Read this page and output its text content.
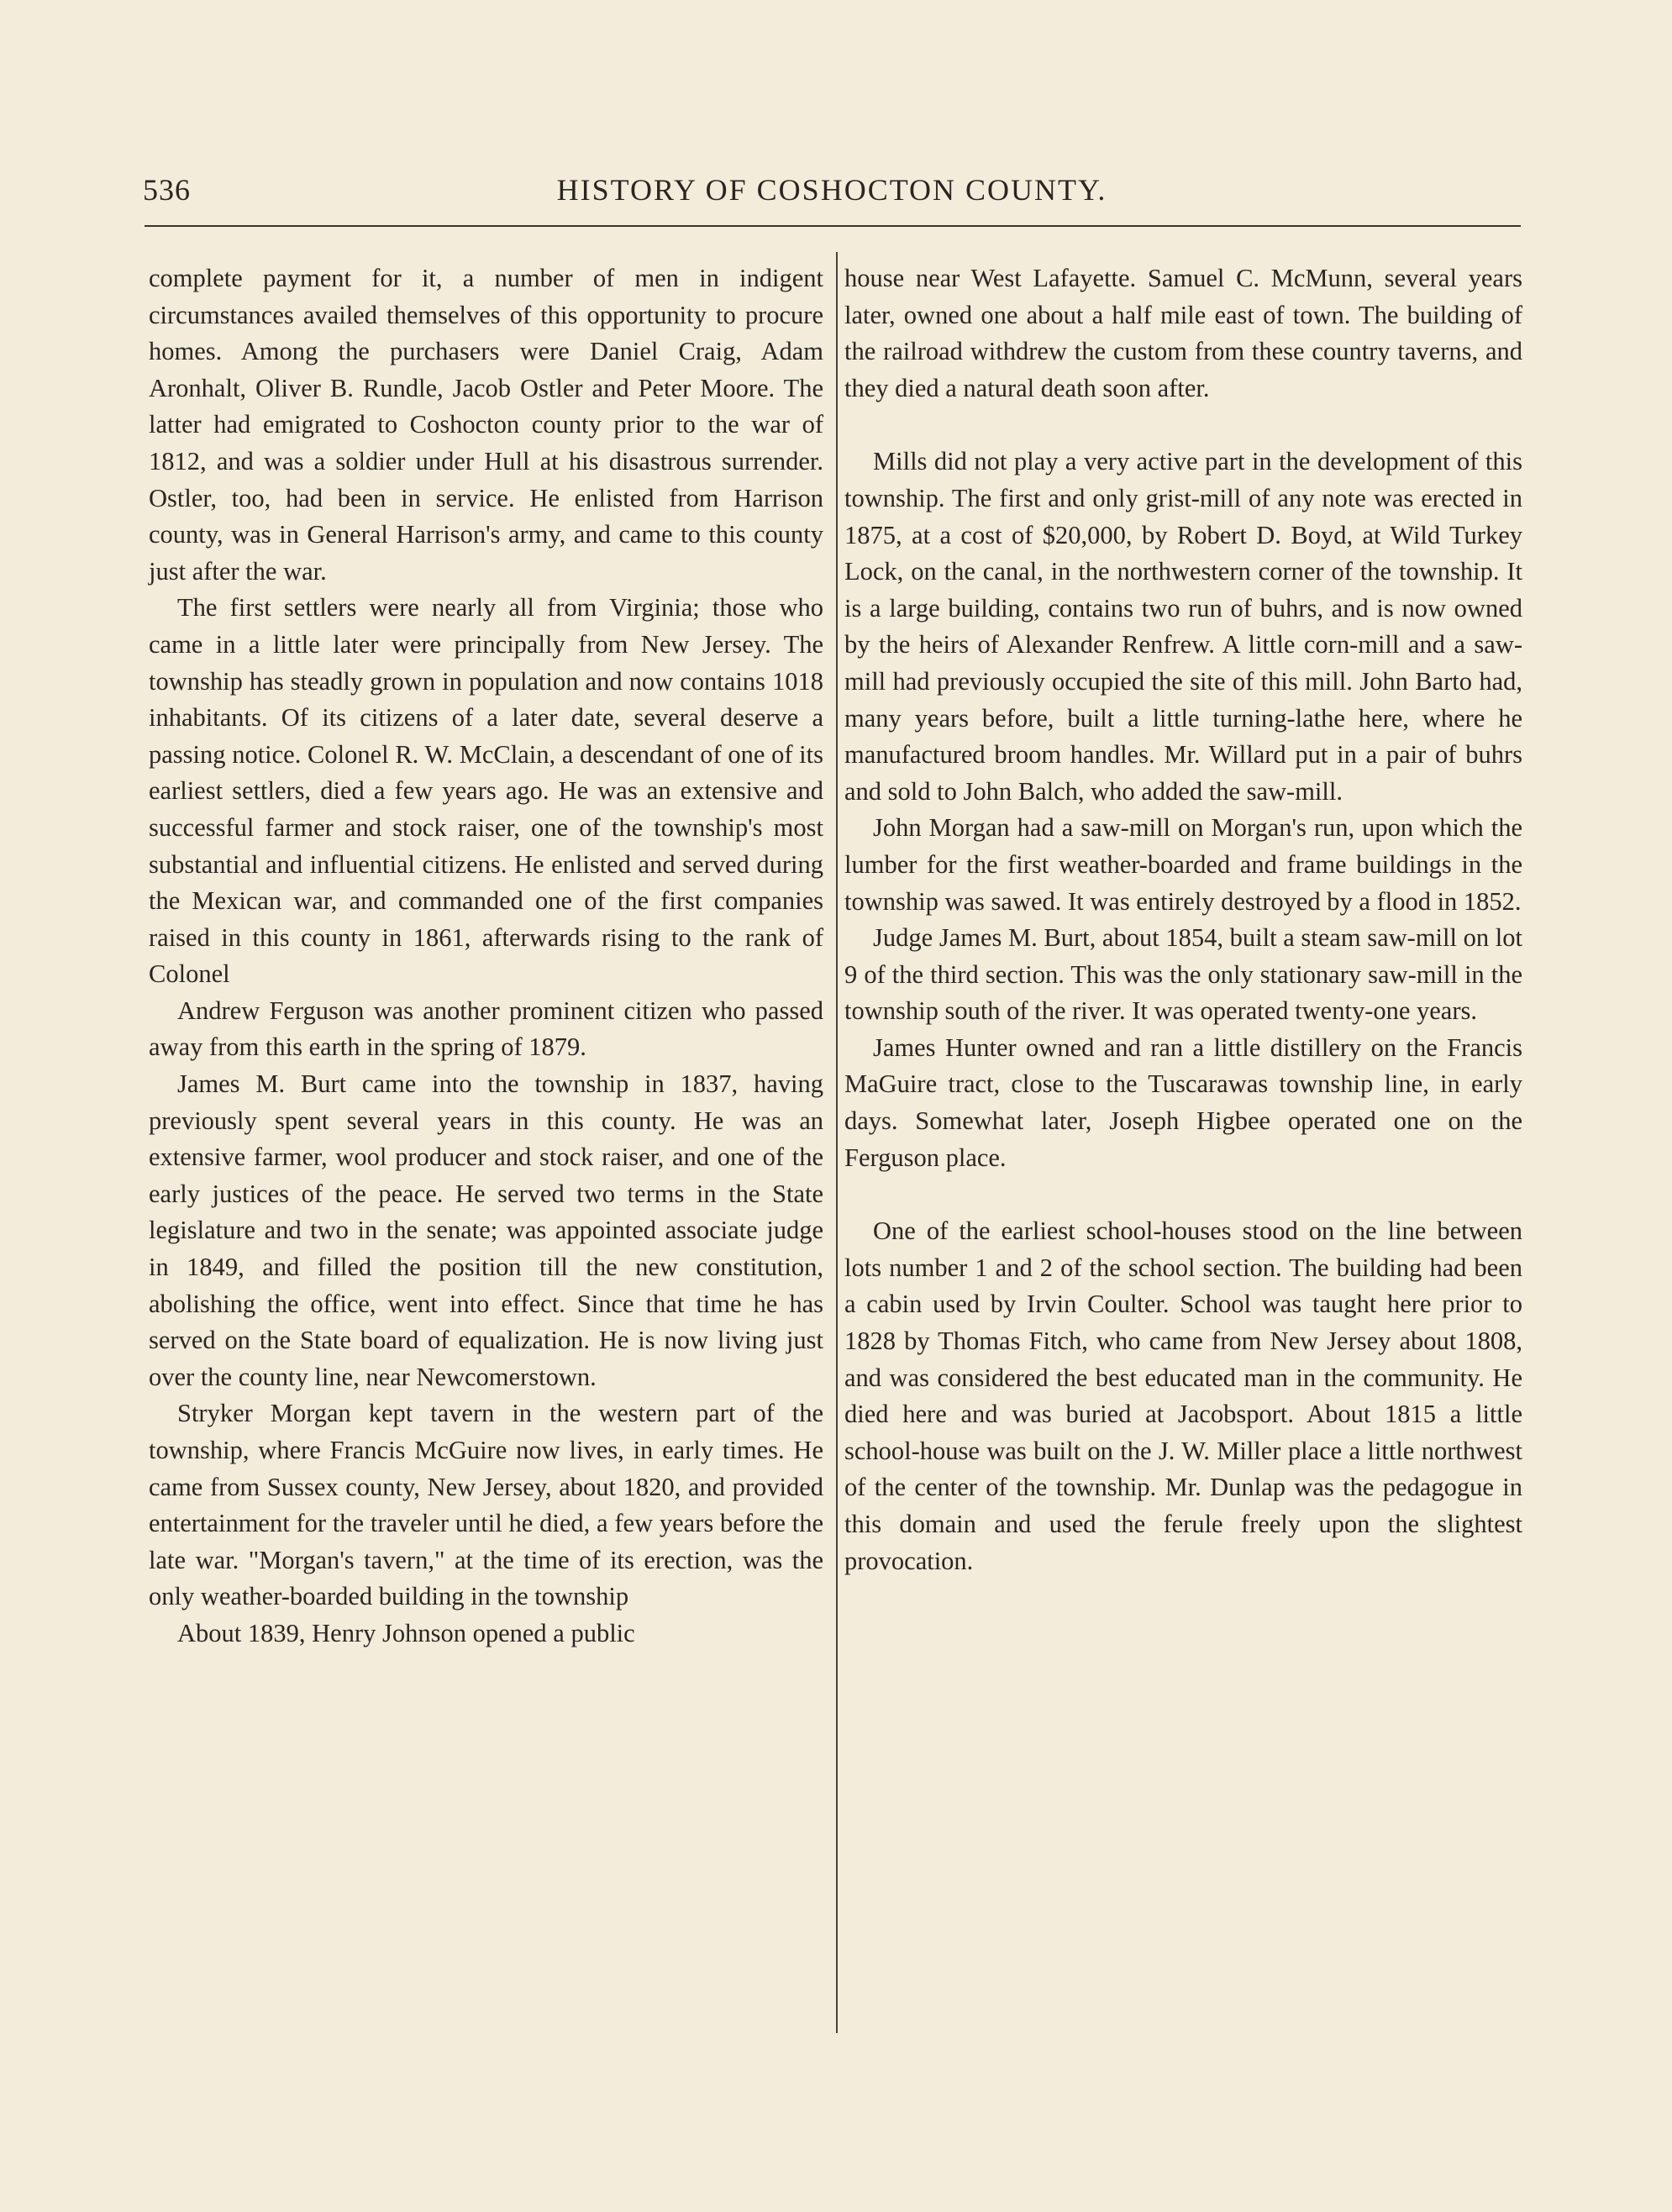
536	HISTORY OF COSHOCTON COUNTY.

complete payment for it, a number of men in indigent circumstances availed themselves of this opportunity to procure homes. Among the purchasers were Daniel Craig, Adam Aronhalt, Oliver B. Rundle, Jacob Ostler and Peter Moore. The latter had emigrated to Coshocton county prior to the war of 1812, and was a soldier under Hull at his disastrous surrender. Ostler, too, had been in service. He enlisted from Harrison county, was in General Harrison's army, and came to this county just after the war.

The first settlers were nearly all from Virginia; those who came in a little later were principally from New Jersey. The township has steadly grown in population and now contains 1018 inhabitants. Of its citizens of a later date, several deserve a passing notice. Colonel R. W. McClain, a descendant of one of its earliest settlers, died a few years ago. He was an extensive and successful farmer and stock raiser, one of the township's most substantial and influential citizens. He enlisted and served during the Mexican war, and commanded one of the first companies raised in this county in 1861, afterwards rising to the rank of Colonel

Andrew Ferguson was another prominent citizen who passed away from this earth in the spring of 1879.

James M. Burt came into the township in 1837, having previously spent several years in this county. He was an extensive farmer, wool producer and stock raiser, and one of the early justices of the peace. He served two terms in the State legislature and two in the senate; was appointed associate judge in 1849, and filled the position till the new constitution, abolishing the office, went into effect. Since that time he has served on the State board of equalization. He is now living just over the county line, near Newcomerstown.

Stryker Morgan kept tavern in the western part of the township, where Francis McGuire now lives, in early times. He came from Sussex county, New Jersey, about 1820, and provided entertainment for the traveler until he died, a few years before the late war. "Morgan's tavern," at the time of its erection, was the only weather-boarded building in the township

About 1839, Henry Johnson opened a public

house near West Lafayette. Samuel C. McMunn, several years later, owned one about a half mile east of town. The building of the railroad withdrew the custom from these country taverns, and they died a natural death soon after.

Mills did not play a very active part in the development of this township. The first and only grist-mill of any note was erected in 1875, at a cost of $20,000, by Robert D. Boyd, at Wild Turkey Lock, on the canal, in the northwestern corner of the township. It is a large building, contains two run of buhrs, and is now owned by the heirs of Alexander Renfrew. A little corn-mill and a saw-mill had previously occupied the site of this mill. John Barto had, many years before, built a little turning-lathe here, where he manufactured broom handles. Mr. Willard put in a pair of buhrs and sold to John Balch, who added the saw-mill.

John Morgan had a saw-mill on Morgan's run, upon which the lumber for the first weather-boarded and frame buildings in the township was sawed. It was entirely destroyed by a flood in 1852.

Judge James M. Burt, about 1854, built a steam saw-mill on lot 9 of the third section. This was the only stationary saw-mill in the township south of the river. It was operated twenty-one years.

James Hunter owned and ran a little distillery on the Francis MaGuire tract, close to the Tuscarawas township line, in early days. Somewhat later, Joseph Higbee operated one on the Ferguson place.

One of the earliest school-houses stood on the line between lots number 1 and 2 of the school section. The building had been a cabin used by Irvin Coulter. School was taught here prior to 1828 by Thomas Fitch, who came from New Jersey about 1808, and was considered the best educated man in the community. He died here and was buried at Jacobsport. About 1815 a little school-house was built on the J. W. Miller place a little northwest of the center of the township. Mr. Dunlap was the pedagogue in this domain and used the ferule freely upon the slightest provocation.
